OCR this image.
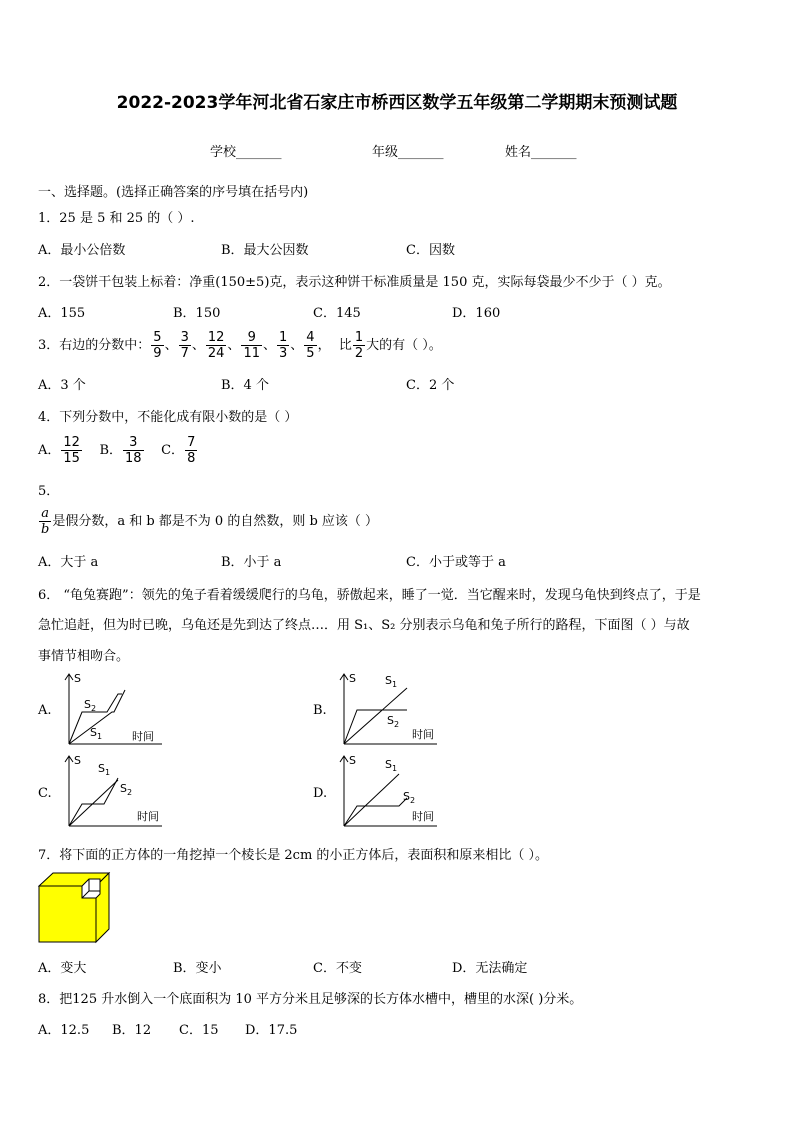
2022-2023学年河北省石家庄市桥西区数学五年级第二学期期末预测试题
学校_______	年级_______	姓名_______
一、选择题。(选择正确答案的序号填在括号内)
1．25 是 5 和 25 的（ ）.
A．最小公倍数	B．最大公因数	C．因数
2．一袋饼干包装上标着：净重(150±5)克，表示这种饼干标准质量是 150 克，实际每袋最少不少于（ ）克。
A．155	B．150	C．145	D．160
3．右边的分数中： $\frac{5}{9}$ 、 $\frac{3}{7}$ 、 $\frac{12}{24}$ 、 $\frac{9}{11}$ 、 $\frac{1}{3}$ 、 $\frac{4}{5}$ ， 比 $\frac{1}{2}$ 大的有（ ）。
A．3 个	B．4 个	C．2 个
4．下列分数中，不能化成有限小数的是（ ）
A． $\frac{12}{15}$ B． $\frac{3}{18}$ C． $\frac{7}{8}$
5．
$\frac{a}{b}$ 是假分数，a 和 b 都是不为 0 的自然数，则 b 应该（ ）
A．大于 a	B．小于 a	C．小于或等于 a
6． “龟兔赛跑”：领先的兔子看着缓缓爬行的乌龟，骄傲起来，睡了一觉．当它醒来时，发现乌龟快到终点了，于是
急忙追赶，但为时已晚，乌龟还是先到达了终点…．用 S₁、S₂ 分别表示乌龟和兔子所行的路程，下面图（ ）与故
事情节相吻合。
A.
S
时间
$S_2$
$S_1$
B.
S
时间
$S_1$
$S_2$
C.
S
时间
$S_1$
$S_2$	D.
S
时间
$S_1$
$S_2$
7．将下面的正方体的一角挖掉一个棱长是 2cm 的小正方体后，表面积和原来相比（ ）。
A．变大	B．变小	C．不变	D．无法确定
8．把125 升水倒入一个底面积为 10 平方分米且足够深的长方体水槽中，槽里的水深( )分米。
A．12.5 B．12 C．15 D．17.5
